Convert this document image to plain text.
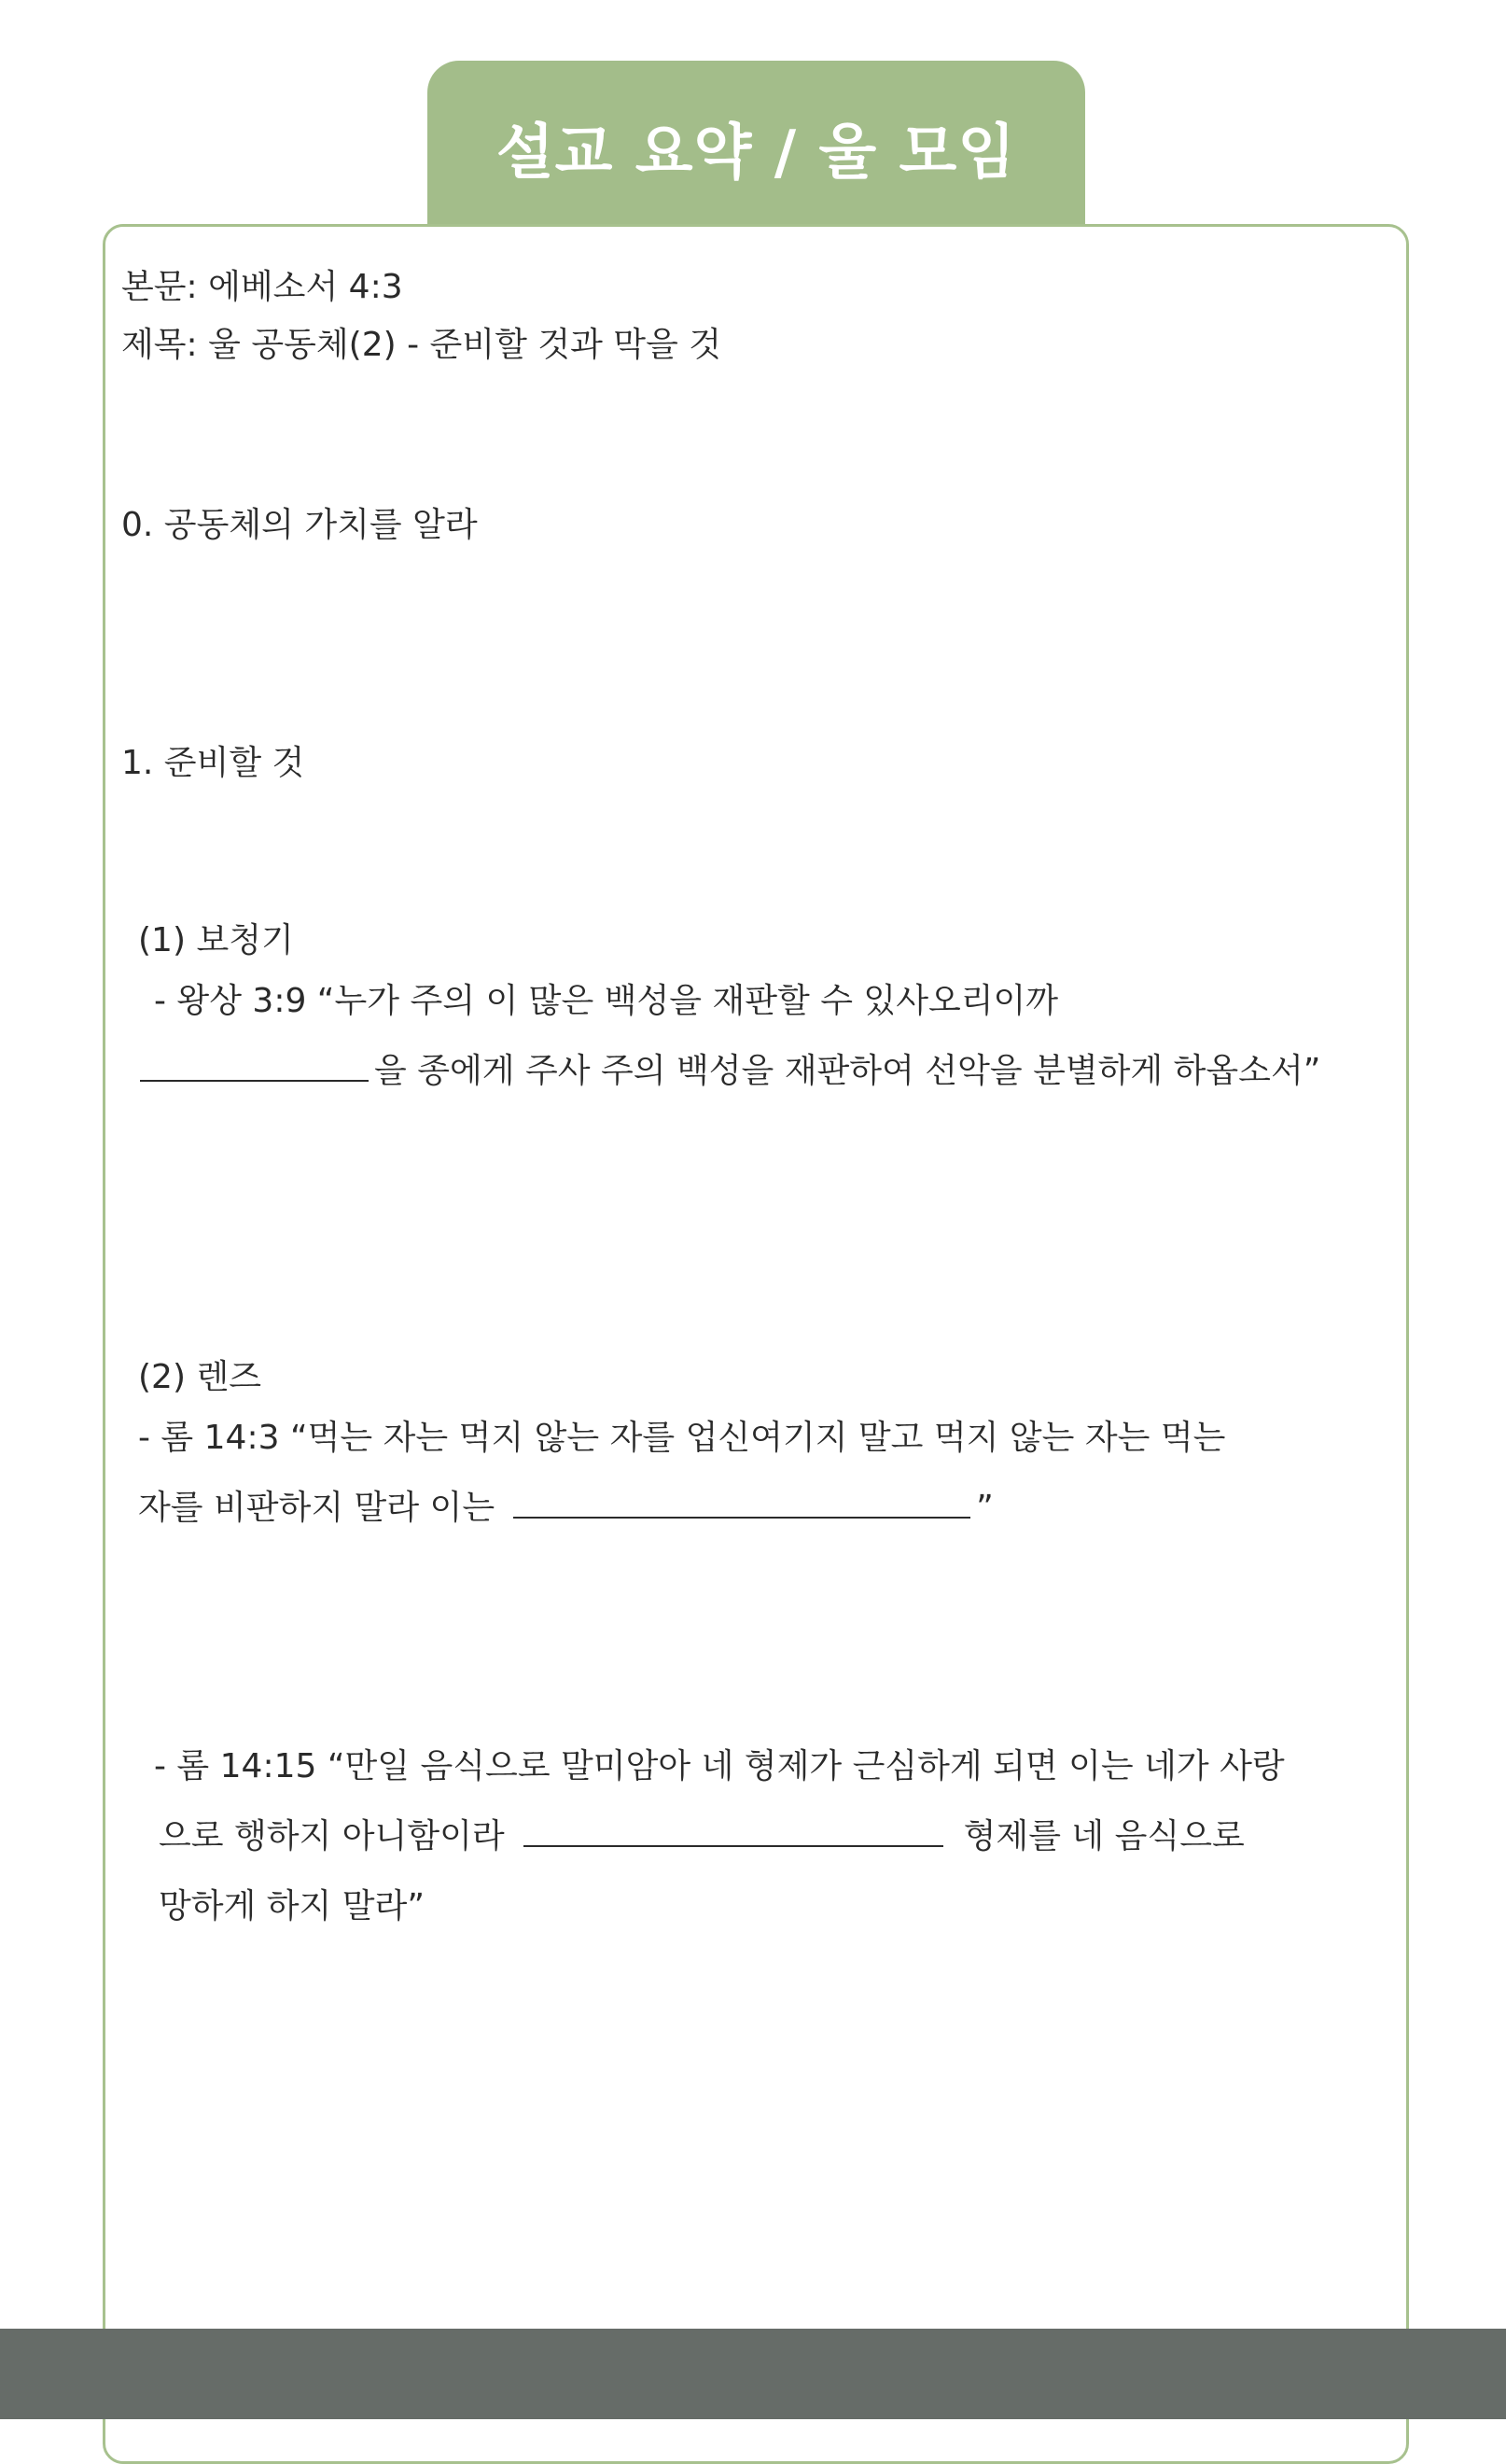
설교 요약 / 울 모임
본문: 에베소서 4:3
제목: 울 공동체(2) - 준비할 것과 막을 것
0. 공동체의 가치를 알라
1. 준비할 것
(1) 보청기
- 왕상 3:9 “누가 주의 이 많은 백성을 재판할 수 있사오리이까
을 종에게 주사 주의 백성을 재판하여 선악을 분별하게 하옵소서”
(2) 렌즈
- 롬 14:3 “먹는 자는 먹지 않는 자를 업신여기지 말고 먹지 않는 자는 먹는
자를 비판하지 말라 이는	”
- 롬 14:15 “만일 음식으로 말미암아 네 형제가 근심하게 되면 이는 네가 사랑
으로 행하지 아니함이라	형제를 네 음식으로
망하게 하지 말라”
